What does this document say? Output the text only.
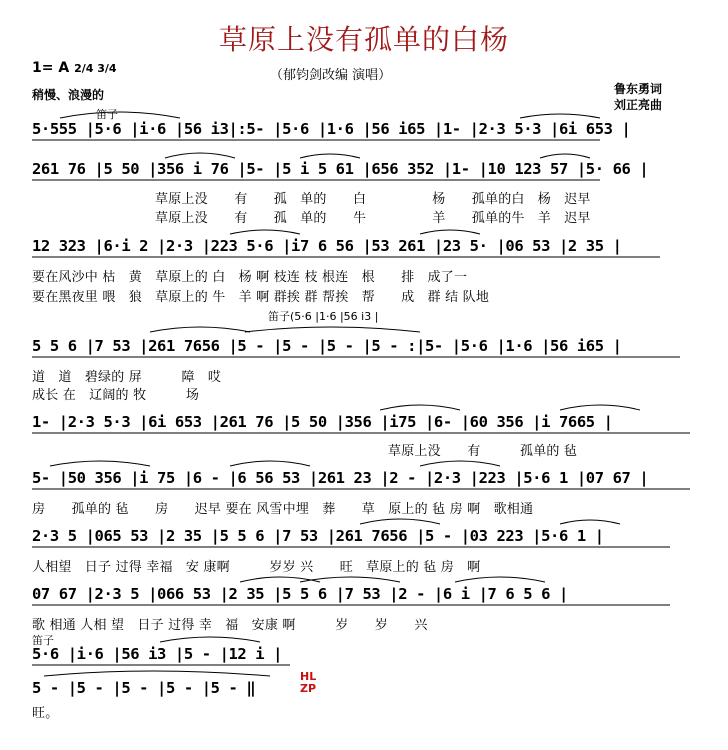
草原上没有孤单的白杨
1= A 2/4 3/4	（郁钧剑改编 演唱）
稍慢、浪漫的	鲁东勇词
刘正亮曲
笛子
5·555 |5·6 |i·6 |56 i3|:5- |5·6 |1·6 |56 i65 |1- |2·3 5·3 |6i 653 |
261 76 |5 50 |356 i 76 |5- |5 i 5 61 |656 352 |1- |10 123 57 |5· 66 |
草原上没　　有　　孤　单的　　白　　　　　杨　　孤单的白　杨　迟早
草原上没　　有　　孤　单的　　牛　　　　　羊　　孤单的牛　羊　迟早
12 323 |6·i 2 |2·3 |223 5·6 |i7 6 56 |53 261 |23 5· |06 53 |2 35 |
要在风沙中 枯　黄　草原上的 白　杨 啊 枝连 枝 根连　根　　排　成了一
要在黑夜里 喂　狼　草原上的 牛　羊 啊 群挨 群 帮挨　帮　　成　群 结 队地
笛子(5·6 |1·6 |56 i3 |
5 5 6 |7 53 |261 7656 |5 - |5 - |5 - |5 - :|5- |5·6 |1·6 |56 i65 |
道　道　碧绿的 屏　　　障　哎
成长 在　辽阔的 牧　　　场
1- |2·3 5·3 |6i 653 |261 76 |5 50 |356 |i75 |6- |60 356 |i 7665 |
草原上没　　有　　　孤单的 毡
5- |50 356 |i 75 |6 - |6 56 53 |261 23 |2 - |2·3 |223 |5·6 1 |07 67 |
房　　孤单的 毡　　房　　迟早 要在 风雪中埋　葬　　草　原上的 毡 房 啊　歌相通
2·3 5 |065 53 |2 35 |5 5 6 |7 53 |261 7656 |5 - |03 223 |5·6 1 |
人相望　日子 过得 幸福　安 康啊　　　岁岁 兴　　旺　草原上的 毡 房　啊
07 67 |2·3 5 |066 53 |2 35 |5 5 6 |7 53 |2 - |6 i |7 6 5 6 |
歌 相通 人相 望　日子 过得 幸　福　安康 啊　　　岁　　岁　　兴
笛子
5·6 |i·6 |56 i3 |5 - |12 i |
5 - |5 - |5 - |5 - |5 - ‖
HL
ZP
旺。
